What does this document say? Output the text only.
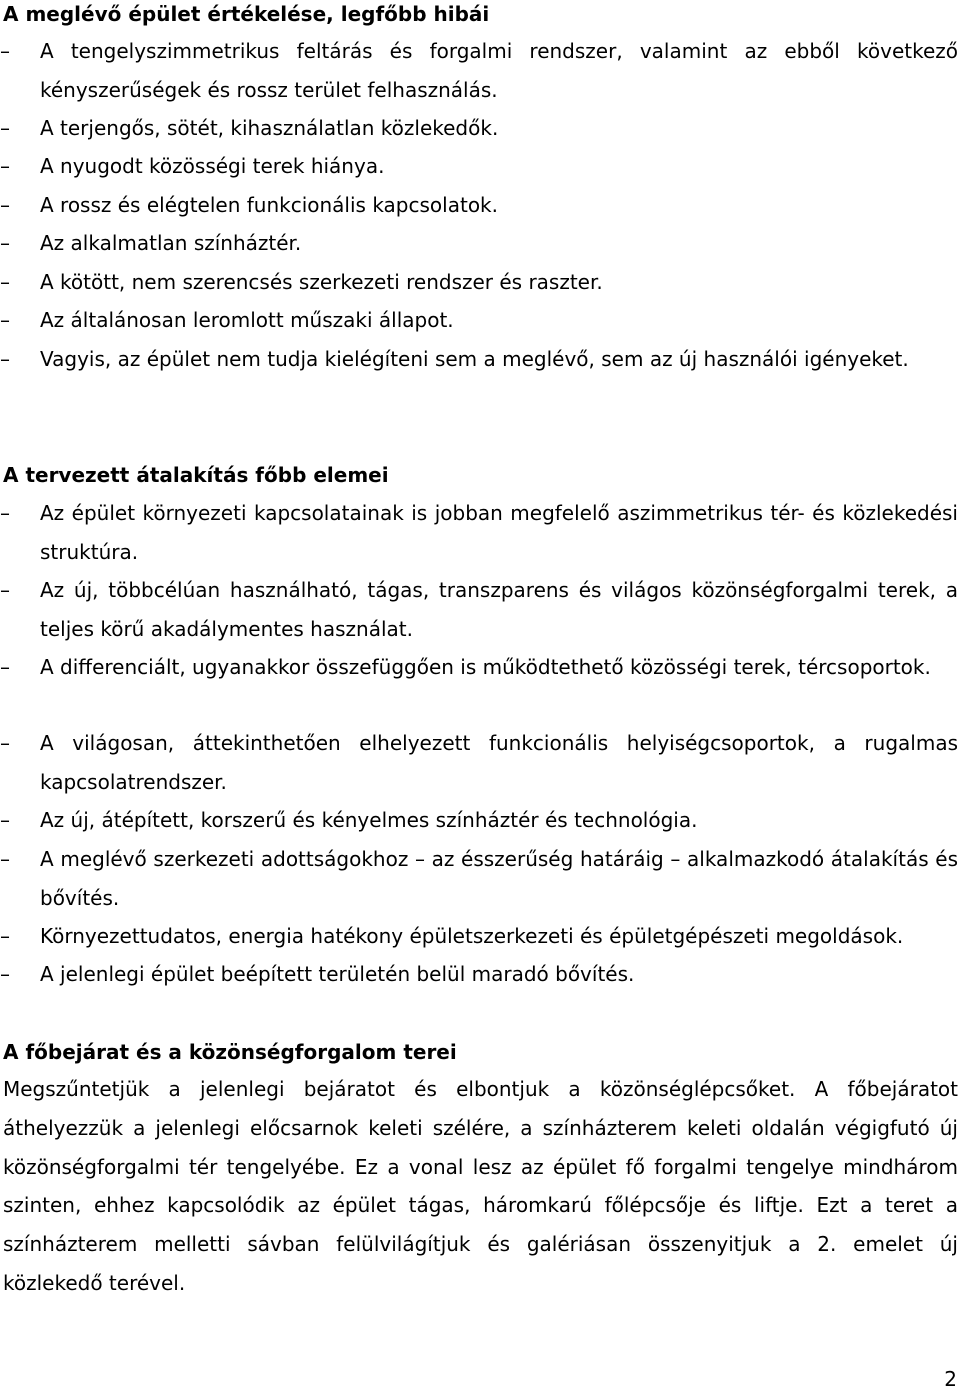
A meglévő épület értékelése, legfőbb hibái
–	A tengelyszimmetrikus feltárás és forgalmi rendszer, valamint az ebből következő kényszerűségek és rossz terület felhasználás.
–	A terjengős, sötét, kihasználatlan közlekedők.
–	A nyugodt közösségi terek hiánya.
–	A rossz és elégtelen funkcionális kapcsolatok.
–	Az alkalmatlan színháztér.
–	A kötött, nem szerencsés szerkezeti rendszer és raszter.
–	Az általánosan leromlott műszaki állapot.
–	Vagyis, az épület nem tudja kielégíteni sem a meglévő, sem az új használói igényeket.
A tervezett átalakítás főbb elemei
–	Az épület környezeti kapcsolatainak is jobban megfelelő aszimmetrikus tér- és közlekedési struktúra.
–	Az új, többcélúan használható, tágas, transzparens és világos közönségforgalmi terek, a teljes körű akadálymentes használat.
–	A differenciált, ugyanakkor összefüggően is működtethető közösségi terek, tércsoportok.
–	A világosan, áttekinthetően elhelyezett funkcionális helyiségcsoportok, a rugalmas kapcsolatrendszer.
–	Az új, átépített, korszerű és kényelmes színháztér és technológia.
–	A meglévő szerkezeti adottságokhoz – az ésszerűség határáig – alkalmazkodó átalakítás és bővítés.
–	Környezettudatos, energia hatékony épületszerkezeti és épületgépészeti megoldások.
–	A jelenlegi épület beépített területén belül maradó bővítés.
A főbejárat és a közönségforgalom terei
Megszűntetjük a jelenlegi bejáratot és elbontjuk a közönséglépcsőket. A főbejáratot áthelyezzük a jelenlegi előcsarnok keleti szélére, a színházterem keleti oldalán végigfutó új közönségforgalmi tér tengelyébe. Ez a vonal lesz az épület fő forgalmi tengelye mindhárom szinten, ehhez kapcsolódik az épület tágas, háromkarú főlépcsője és liftje. Ezt a teret a színházterem melletti sávban felülvilágítjuk és galériásan összenyitjuk a 2. emelet új közlekedő terével.
2
